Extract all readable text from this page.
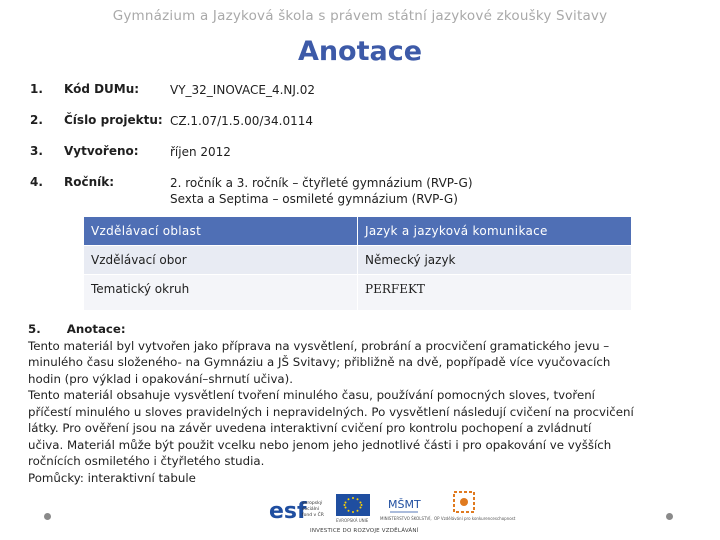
Gymnázium a Jazyková škola s právem státní jazykové zkoušky Svitavy
Anotace
1. Kód DUMu:	VY_32_INOVACE_4.NJ.02
2. Číslo projektu: CZ.1.07/1.5.00/34.0114
3. Vytvořeno:	říjen 2012
4. Ročník:	2. ročník a 3. ročník – čtyřleté gymnázium (RVP-G)
Sexta a Septima – osmileté gymnázium (RVP-G)
Vzdělávací oblast	Jazyk a jazyková komunikace
Vzdělávací obor	Německý jazyk
Tematický okruh	PERFEKT

5. Anotace:

Tento materiál byl vytvořen jako příprava na vysvětlení, probrání a procvičení gramatického jevu –

minulého času složeného- na Gymnáziu a JŠ Svitavy; přibližně na dvě, popřípadě více vyučovacích

hodin (pro výklad i opakování–shrnutí učiva).

Tento materiál obsahuje vysvětlení tvoření minulého času, používání pomocných sloves, tvoření

příčestí minulého u sloves pravidelných i nepravidelných. Po vysvětlení následují cvičení na procvičení

látky. Pro ověření jsou na závěr uvedena interaktivní cvičení pro kontrolu pochopení a zvládnutí

učiva. Materiál může být použit vcelku nebo jenom jeho jednotlivé části i pro opakování ve vyšších

ročnících osmiletého i čtyřletého studia.

Pomůcky: interaktivní tabule

esf
evropský
sociální
fond v ČR
EVROPSKÁ UNIE
MŠMT
MINISTERSTVO ŠKOLSTVÍ, OP Vzdělávání pro konkurenceschopnost
INVESTICE DO ROZVOJE VZDĚLÁVÁNÍ
